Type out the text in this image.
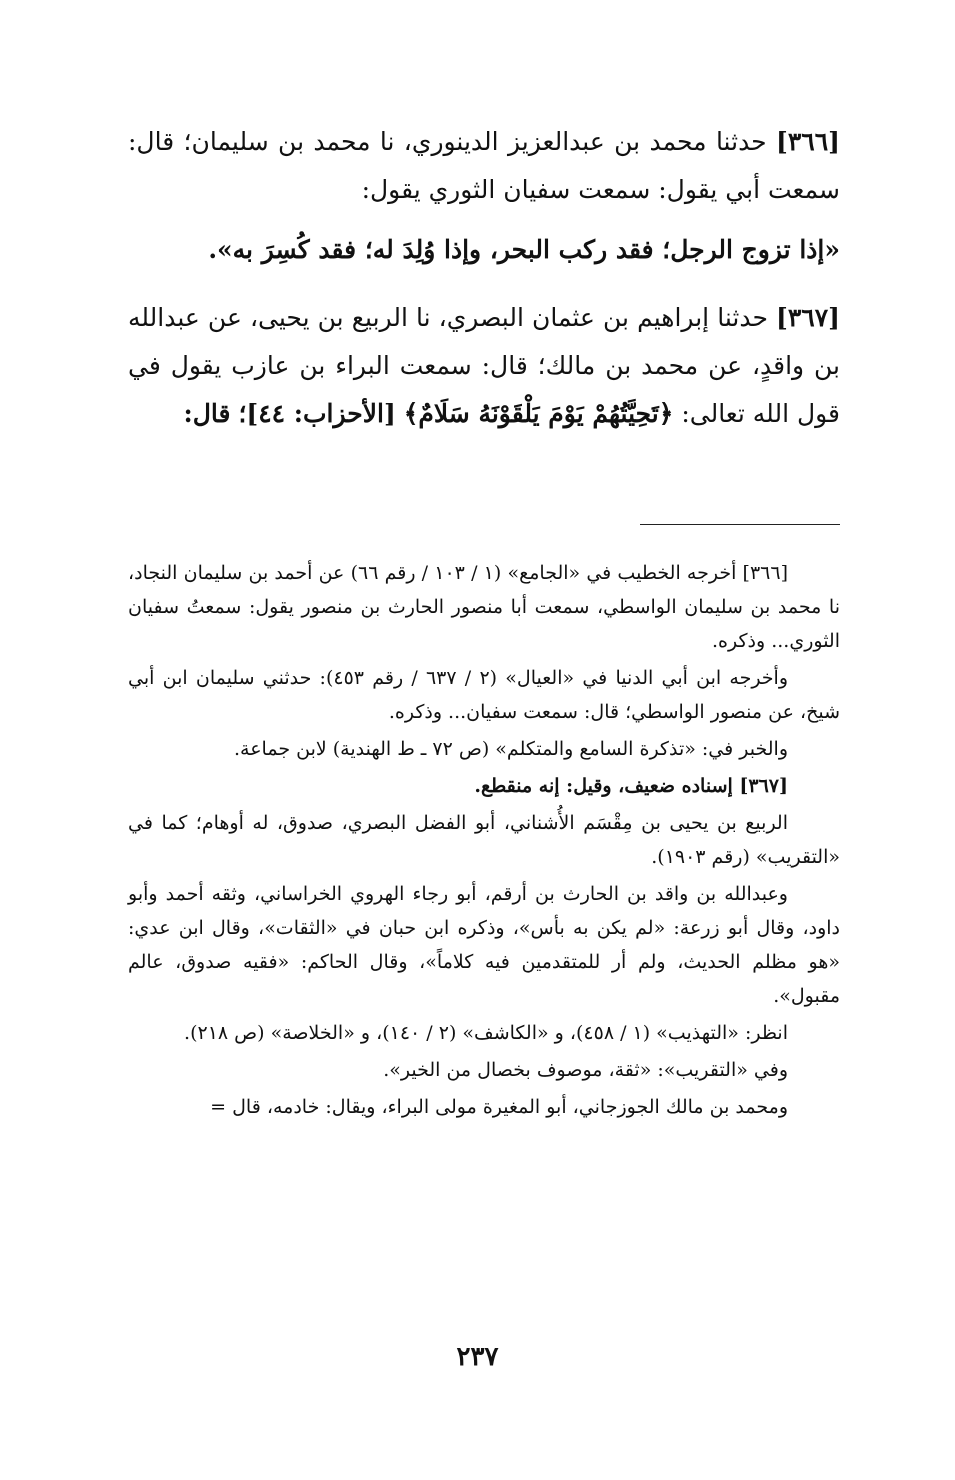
[٣٦٦] حدثنا محمد بن عبدالعزيز الدينوري، نا محمد بن سليمان؛ قال: سمعت أبي يقول: سمعت سفيان الثوري يقول:

«إذا تزوج الرجل؛ فقد ركب البحر، وإذا وُلِدَ له؛ فقد كُسِرَ به».

[٣٦٧] حدثنا إبراهيم بن عثمان البصري، نا الربيع بن يحيى، عن عبدالله بن واقدٍ، عن محمد بن مالك؛ قال: سمعت البراء بن عازب يقول في قول الله تعالى: ﴿تَحِيَّتُهُمْ يَوْمَ يَلْقَوْنَهُ سَلَامٌ﴾ [الأحزاب: ٤٤]؛ قال:

[٣٦٦] أخرجه الخطيب في «الجامع» (١ / ١٠٣ / رقم ٦٦) عن أحمد بن سليمان النجاد، نا محمد بن سليمان الواسطي، سمعت أبا منصور الحارث بن منصور يقول: سمعتُ سفيان الثوري... وذكره.

وأخرجه ابن أبي الدنيا في «العيال» (٢ / ٦٣٧ / رقم ٤٥٣): حدثني سليمان ابن أبي شيخ، عن منصور الواسطي؛ قال: سمعت سفيان... وذكره.

والخبر في: «تذكرة السامع والمتكلم» (ص ٧٢ ـ ط الهندية) لابن جماعة.

[٣٦٧] إسناده ضعيف، وقيل: إنه منقطع.

الربيع بن يحيى بن مِقْسَم الأُشناني، أبو الفضل البصري، صدوق، له أوهام؛ كما في «التقريب» (رقم ١٩٠٣).

وعبدالله بن واقد بن الحارث بن أرقم، أبو رجاء الهروي الخراساني، وثقه أحمد وأبو داود، وقال أبو زرعة: «لم يكن به بأس»، وذكره ابن حبان في «الثقات»، وقال ابن عدي: «هو مظلم الحديث، ولم أر للمتقدمين فيه كلاماً»، وقال الحاكم: «فقيه صدوق، عالم مقبول».

انظر: «التهذيب» (١ / ٤٥٨)، و «الكاشف» (٢ / ١٤٠)، و «الخلاصة» (ص ٢١٨).

وفي «التقريب»: «ثقة، موصوف بخصال من الخير».

ومحمد بن مالك الجوزجاني، أبو المغيرة مولى البراء، ويقال: خادمه، قال =

٢٣٧
